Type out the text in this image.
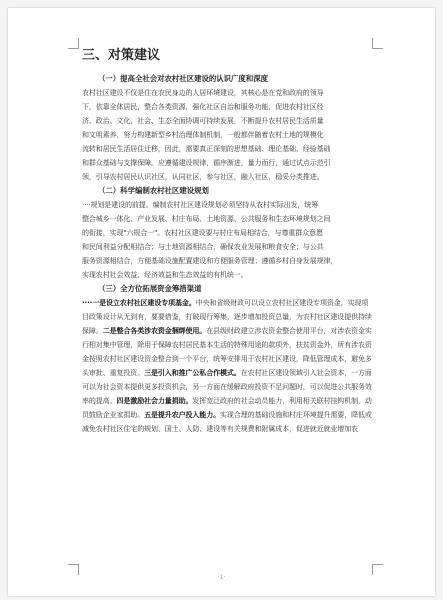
三、对策建议
（一）提高全社会对农村社区建设的认识广度和深度
农村社区建设不仅是住在农民身边的人居环境建设，其核心是在党和政府的领导
下，依靠全体居民，整合各类资源，强化社区自治和服务功能，促进农村社区经
济、政治、文化、社会、生态全面协调可持续发展，不断提升农村居民生活质量
和文明素养，努力构建新型乡村治理体制机制，一般都伴随着农村土地的规模化
流转和居民生活居住迁移，因此，需要真正深刻的思想基础、理论基础、经验基础
和群众基础与支撑保障。应遵循建设规律，循序渐进，量力而行，通过试点示范引
领，引导农村居民认识社区，认同社区，参与社区，融入社区，稳妥分类推进。
（二）科学编制农村社区建设规划
····规划是建设的前提。编制农村社区建设规划必须坚持从农村实际出发，统筹
整合城乡一体化、产业发展、村庄布局、土地资源、公共服务和生态环境规划之间
的衔接，实现"六规合一"。农村社区建设要与村庄布局相结合，与尊重群众意愿
和民间利益分配相结合；与土地资源相结合，确保农业发展和粮食安全；与公共
服务资源相结合，方便基础设施配置建设和方便服务管理；遵循乡村自身发展规律，
实现农村社会效益、经济效益和生态效益的有机统一。
（三）全方位拓展资金筹措渠道
····一是设立农村社区建设专项基金。中央和省级财政可以设立农村社区建设专项资金，实现项目政策设计从无到有，要要借鉴，打破现行筹集，逐步增加投资总量，为农村社区建设提供持续保障。二是整合各类涉农资金捆绑使用。在县级财政建立涉农资金整合使用平台，对涉农资金实行相对集中管理，除用于保障农村居民基本生活的特殊用途的款项外，扶贫资金外，所有涉农资金按照农村社区建设资金整合到一个平台，统筹安排用于农村社区建设，降低管理成本，避免多头审批、重复投资。三是引入和推广公私合作模式。在农村社区建设领域引入社会资本，一方面可以为社会资本提供更多投资机会，另一方面在缓解政府投资不足问题时，可以促进公共服务效率的提高。四是激励社会力量捐助。发挥宽泛政府的社会动员能力，利用相关联村挂钩机制，动员鼓励企业家捐助。五是提升农户投入能力。实现合理的基础设施和村庄环境提升需要，降低或减免农村社区住宅的规划、国土、人防、建设等有关规费和附属成本，促进就近就业增加农
·1·
